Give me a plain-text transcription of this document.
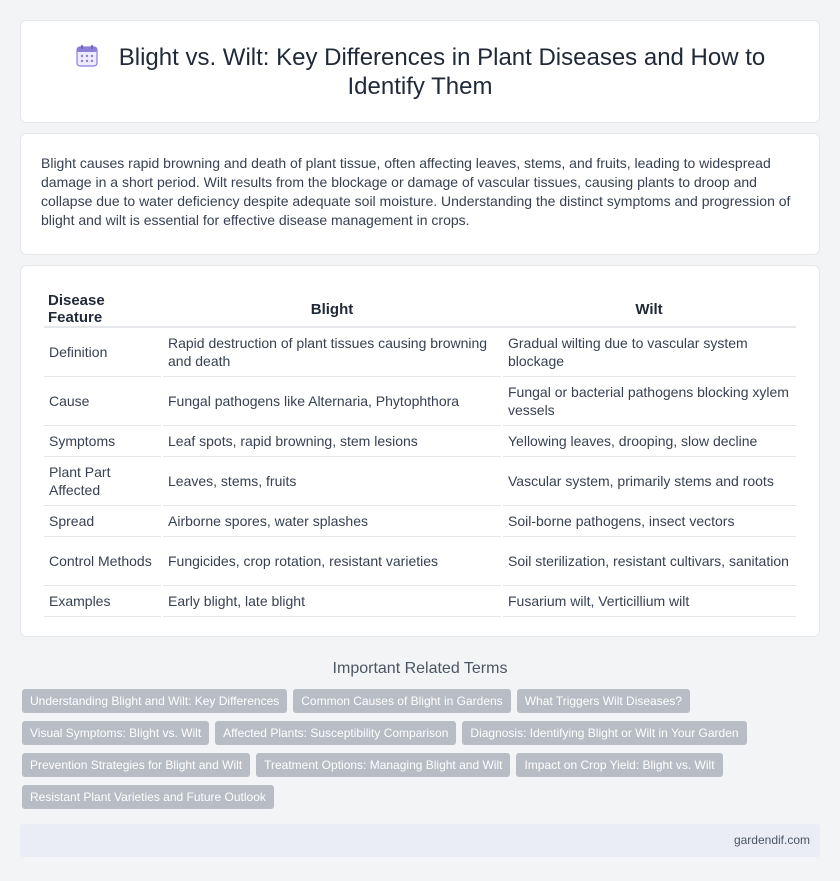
Blight vs. Wilt: Key Differences in Plant Diseases and How to
Identify Them

Blight causes rapid browning and death of plant tissue, often affecting leaves, stems, and fruits, leading to widespread damage in a short period. Wilt results from the blockage or damage of vascular tissues, causing plants to droop and collapse due to water deficiency despite adequate soil moisture. Understanding the distinct symptoms and progression of blight and wilt is essential for effective disease management in crops.

Disease Feature	Blight	Wilt
Definition	Rapid destruction of plant tissues causing browning and death	Gradual wilting due to vascular system blockage
Cause	Fungal pathogens like Alternaria, Phytophthora	Fungal or bacterial pathogens blocking xylem vessels
Symptoms	Leaf spots, rapid browning, stem lesions	Yellowing leaves, drooping, slow decline
Plant Part Affected	Leaves, stems, fruits	Vascular system, primarily stems and roots
Spread	Airborne spores, water splashes	Soil-borne pathogens, insect vectors
Control Methods	Fungicides, crop rotation, resistant varieties	Soil sterilization, resistant cultivars, sanitation
Examples	Early blight, late blight	Fusarium wilt, Verticillium wilt
Important Related Terms
Understanding Blight and Wilt: Key Differences	Common Causes of Blight in Gardens	What Triggers Wilt Diseases?
Visual Symptoms: Blight vs. Wilt	Affected Plants: Susceptibility Comparison	Diagnosis: Identifying Blight or Wilt in Your Garden
Prevention Strategies for Blight and Wilt	Treatment Options: Managing Blight and Wilt	Impact on Crop Yield: Blight vs. Wilt
Resistant Plant Varieties and Future Outlook
gardendif.com
